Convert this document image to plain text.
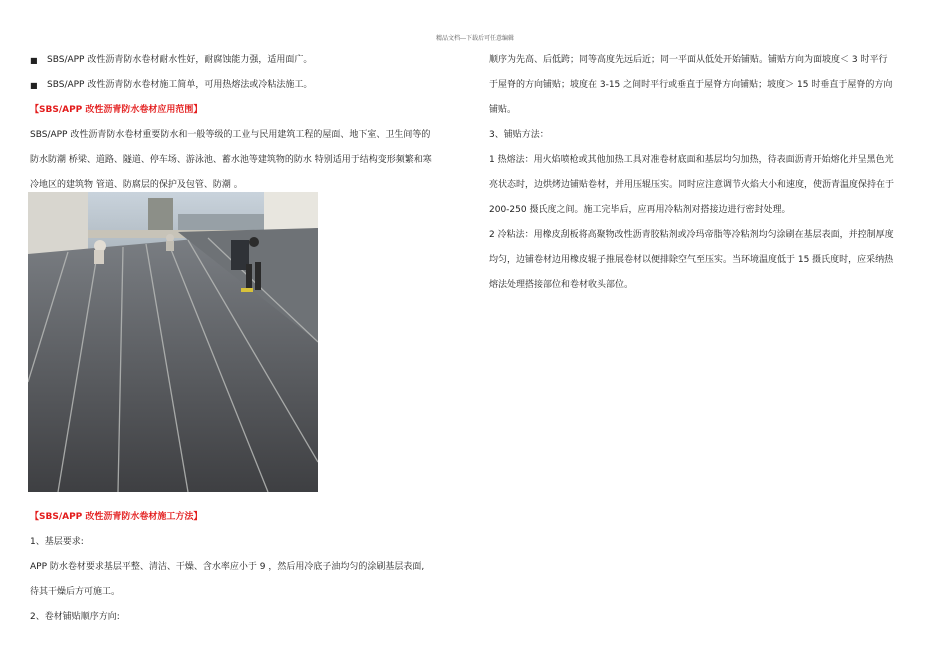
精品文档---下载后可任意编辑

■ SBS/APP 改性沥青防水卷材耐水性好，耐腐蚀能力强，适用面广。

■ SBS/APP 改性沥青防水卷材施工简单，可用热熔法或冷粘法施工。

【SBS/APP 改性沥青防水卷材应用范围】

SBS/APP 改性沥青防水卷材重要防水和一般等级的工业与民用建筑工程的屋面、地下室、卫生间等的

防水防潮 桥梁、道路、隧道、停车场、游泳池、蓄水池等建筑物的防水 特别适用于结构变形频繁和寒

冷地区的建筑物 管道、防腐层的保护及包管、防潮 。

【SBS/APP 改性沥青防水卷材施工方法】

1、基层要求:

APP 防水卷材要求基层平整、清洁、干燥、含水率应小于 9 ，然后用冷底子油均匀的涂刷基层表面,

待其干燥后方可施工。

2、卷材铺贴顺序方向:

顺序为先高、后低跨；同等高度先远后近；同一平面从低处开始铺贴。铺贴方向为面坡度＜ 3 时平行

于屋脊的方向铺贴；坡度在 3-15 之间时平行或垂直于屋脊方向铺贴；坡度＞ 15 时垂直于屋脊的方向

铺贴。

3、铺贴方法：

1 热熔法：用火焰喷枪或其他加热工具对准卷材底面和基层均匀加热，待表面沥青开始熔化并呈黑色光

亮状态时，边烘烤边铺贴卷材，并用压辊压实。同时应注意调节火焰大小和速度，使沥青温度保持在于

200-250 摄氏度之间。施工完毕后，应再用冷粘剂对搭接边进行密封处理。

2 冷粘法：用橡皮刮板将高聚物改性沥青胶粘剂或冷玛帝脂等冷粘剂均匀涂刷在基层表面，并控制厚度

均匀，边铺卷材边用橡皮辊子推展卷材以便排除空气至压实。当环境温度低于 15 摄氏度时，应采纳热

熔法处理搭接部位和卷材收头部位。
